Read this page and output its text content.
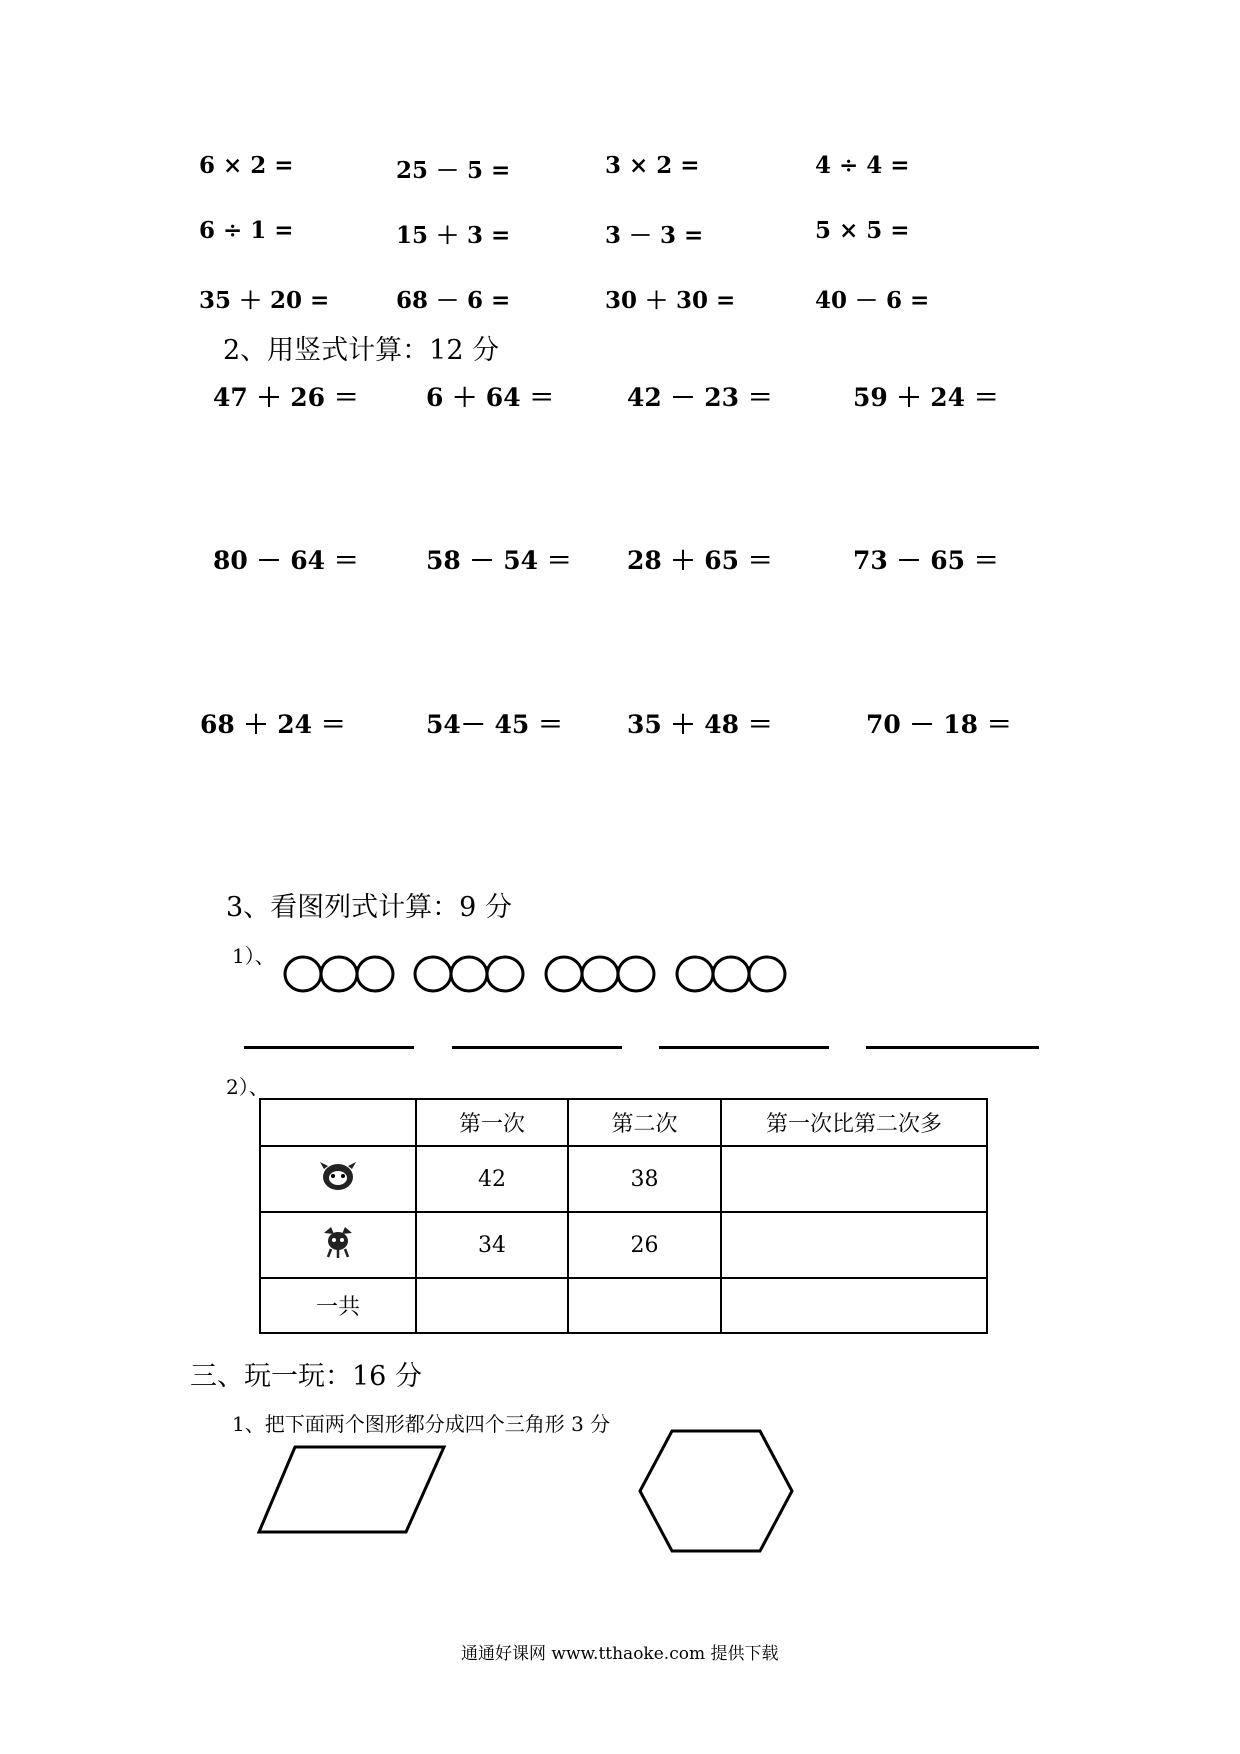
6 × 2 =	25 － 5 =	3 × 2 =	4 ÷ 4 =
6 ÷ 1 =	15 ＋ 3 =	3 － 3 =	5 × 5 =
35 ＋ 20 =	68 － 6 =	30 ＋ 30 =	40 － 6 =
2、用竖式计算：12 分
47 ＋ 26 ＝	6 ＋ 64 ＝	42 － 23 ＝	59 ＋ 24 ＝
80 － 64 ＝	58 － 54 ＝ 28 ＋ 65 ＝	73 － 65 ＝
68 ＋ 24 ＝	54－ 45 ＝	35 ＋ 48 ＝	70 － 18 ＝
3、看图列式计算：9 分
1）、
2）、
	第一次	第二次	第一次比第二次多
	42	38	
	34	26	
一共			
三、玩一玩：16 分
1、把下面两个图形都分成四个三角形 3 分
通通好课网 www.tthaoke.com 提供下载
